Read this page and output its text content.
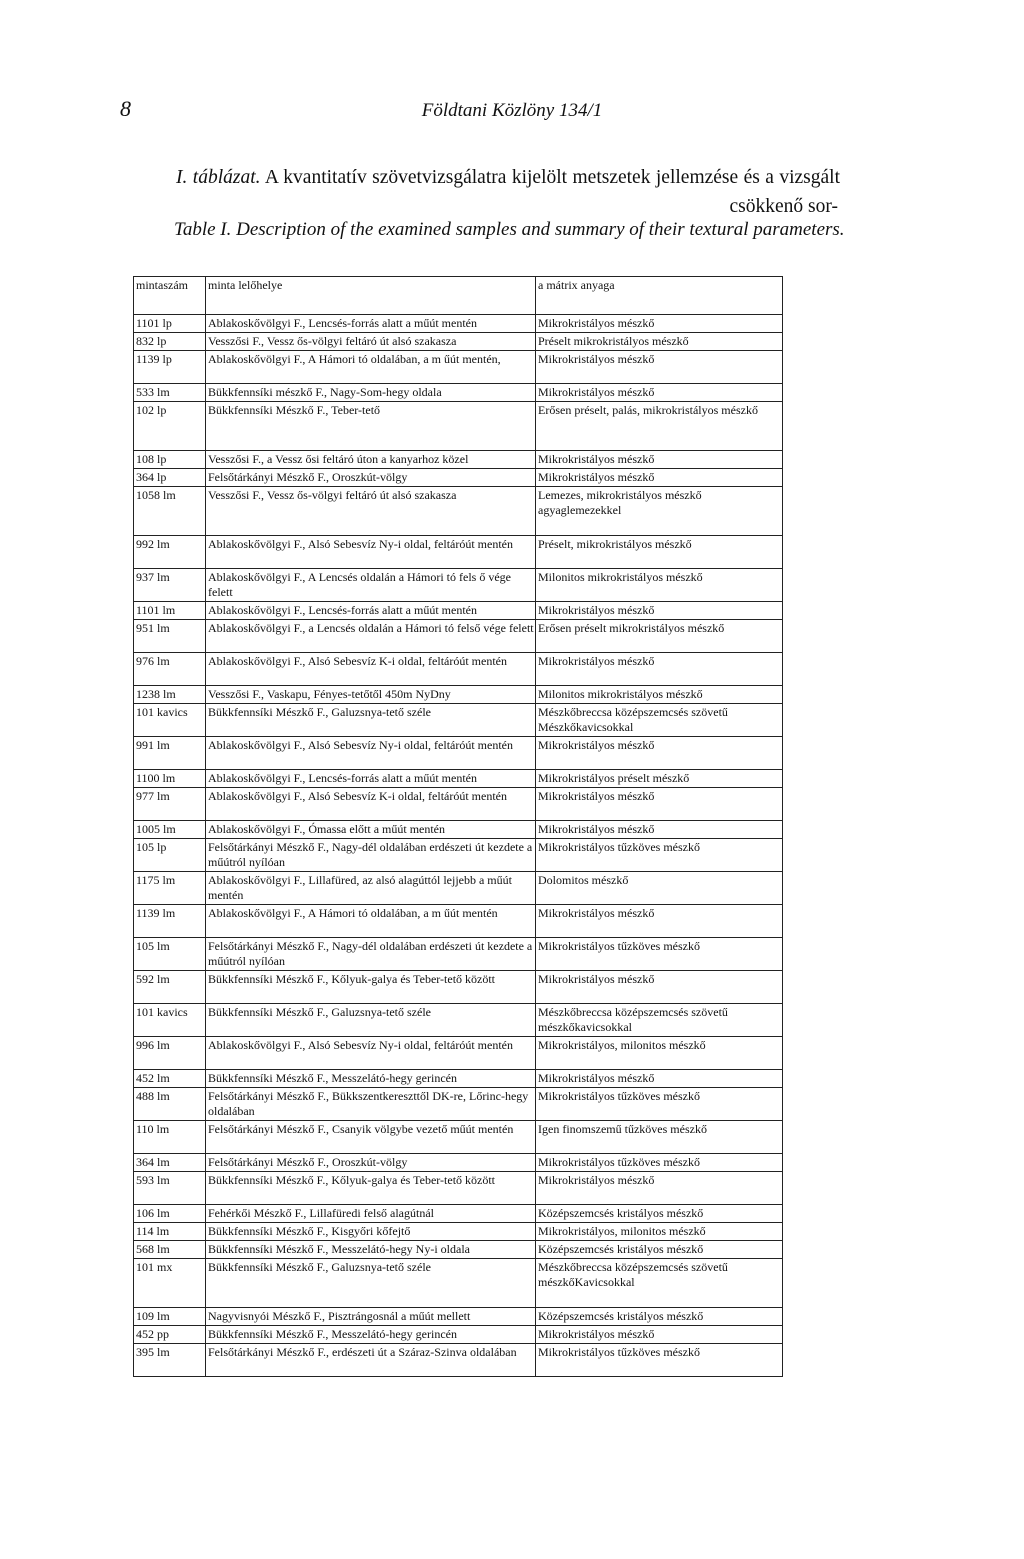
8	Földtani Közlöny 134/1
I. táblázat. A kvantitatív szövetvizsgálatra kijelölt metszetek jellemzése és a vizsgált
csökkenő sor-
Table I. Description of the examined samples and summary of their textural parameters.
mintaszám	minta lelőhelye	a mátrix anyaga
1101 lp	Ablakoskővölgyi F., Lencsés-forrás alatt a műút mentén	Mikrokristályos mészkő
832 lp	Vesszősi F., Vessz ős-völgyi feltáró út alsó szakasza	Préselt mikrokristályos mészkő
1139 lp	Ablakoskővölgyi F., A Hámori tó oldalában, a m űút mentén,	Mikrokristályos mészkő
533 lm	Bükkfennsíki mészkő F., Nagy-Som-hegy oldala	Mikrokristályos mészkő
102 lp	Bükkfennsíki Mészkő F., Teber-tető	Erősen préselt, palás, mikrokristályos mészkő
108 lp	Vesszősi F., a Vessz ősi feltáró úton a kanyarhoz közel	Mikrokristályos mészkő
364 lp	Felsőtárkányi Mészkő F., Oroszkút-völgy	Mikrokristályos mészkő
1058 lm	Vesszősi F., Vessz ős-völgyi feltáró út alsó szakasza	Lemezes, mikrokristályos mészkő agyaglemezekkel
992 lm	Ablakoskővölgyi F., Alsó Sebesvíz Ny-i oldal, feltáróút mentén	Préselt, mikrokristályos mészkő
937 lm	Ablakoskővölgyi F., A Lencsés oldalán a Hámori tó fels ő vége felett	Milonitos mikrokristályos mészkő
1101 lm	Ablakoskővölgyi F., Lencsés-forrás alatt a műút mentén	Mikrokristályos mészkő
951 lm	Ablakoskővölgyi F., a Lencsés oldalán a Hámori tó felső vége felett	Erősen préselt mikrokristályos mészkő
976 lm	Ablakoskővölgyi F., Alsó Sebesvíz K-i oldal, feltáróút mentén	Mikrokristályos mészkő
1238 lm	Vesszősi F., Vaskapu, Fényes-tetőtől 450m NyDny	Milonitos mikrokristályos mészkő
101 kavics	Bükkfennsíki Mészkő F., Galuzsnya-tető széle	Mészkőbreccsa középszemcsés szövetű Mészkőkavicsokkal
991 lm	Ablakoskővölgyi F., Alsó Sebesvíz Ny-i oldal, feltáróút mentén	Mikrokristályos mészkő
1100 lm	Ablakoskővölgyi F., Lencsés-forrás alatt a műút mentén	Mikrokristályos préselt mészkő
977 lm	Ablakoskővölgyi F., Alsó Sebesvíz K-i oldal, feltáróút mentén	Mikrokristályos mészkő
1005 lm	Ablakoskővölgyi F., Ómassa előtt a műút mentén	Mikrokristályos mészkő
105 lp	Felsőtárkányi Mészkő F., Nagy-dél oldalában erdészeti út kezdete a műútról nyílóan	Mikrokristályos tűzköves mészkő
1175 lm	Ablakoskővölgyi F., Lillafüred, az alsó alagúttól lejjebb a műút mentén	Dolomitos mészkő
1139 lm	Ablakoskővölgyi F., A Hámori tó oldalában, a m űút mentén	Mikrokristályos mészkő
105 lm	Felsőtárkányi Mészkő F., Nagy-dél oldalában erdészeti út kezdete a műútról nyílóan	Mikrokristályos tűzköves mészkő
592 lm	Bükkfennsíki Mészkő F., Kőlyuk-galya és Teber-tető között	Mikrokristályos mészkő
101 kavics	Bükkfennsíki Mészkő F., Galuzsnya-tető széle	Mészkőbreccsa középszemcsés szövetű mészkőkavicsokkal
996 lm	Ablakoskővölgyi F., Alsó Sebesvíz Ny-i oldal, feltáróút mentén	Mikrokristályos, milonitos mészkő
452 lm	Bükkfennsíki Mészkő F., Messzelátó-hegy gerincén	Mikrokristályos mészkő
488 lm	Felsőtárkányi Mészkő F., Bükkszentkereszttől DK-re, Lőrinc-hegy oldalában	Mikrokristályos tűzköves mészkő
110 lm	Felsőtárkányi Mészkő F., Csanyik völgybe vezető műút mentén	Igen finomszemű tűzköves mészkő
364 lm	Felsőtárkányi Mészkő F., Oroszkút-völgy	Mikrokristályos tűzköves mészkő
593 lm	Bükkfennsíki Mészkő F., Kőlyuk-galya és Teber-tető között	Mikrokristályos mészkő
106 lm	Fehérkői Mészkő F., Lillafüredi felső alagútnál	Középszemcsés kristályos mészkő
114 lm	Bükkfennsíki Mészkő F., Kisgyőri kőfejtő	Mikrokristályos, milonitos mészkő
568 lm	Bükkfennsíki Mészkő F., Messzelátó-hegy Ny-i oldala	Középszemcsés kristályos mészkő
101 mx	Bükkfennsíki Mészkő F., Galuzsnya-tető széle	Mészkőbreccsa középszemcsés szövetű mészkőKavicsokkal
109 lm	Nagyvisnyói Mészkő F., Pisztrángosnál a műút mellett	Középszemcsés kristályos mészkő
452 pp	Bükkfennsíki Mészkő F., Messzelátó-hegy gerincén	Mikrokristályos mészkő
395 lm	Felsőtárkányi Mészkő F., erdészeti út a Száraz-Szinva oldalában	Mikrokristályos tűzköves mészkő
